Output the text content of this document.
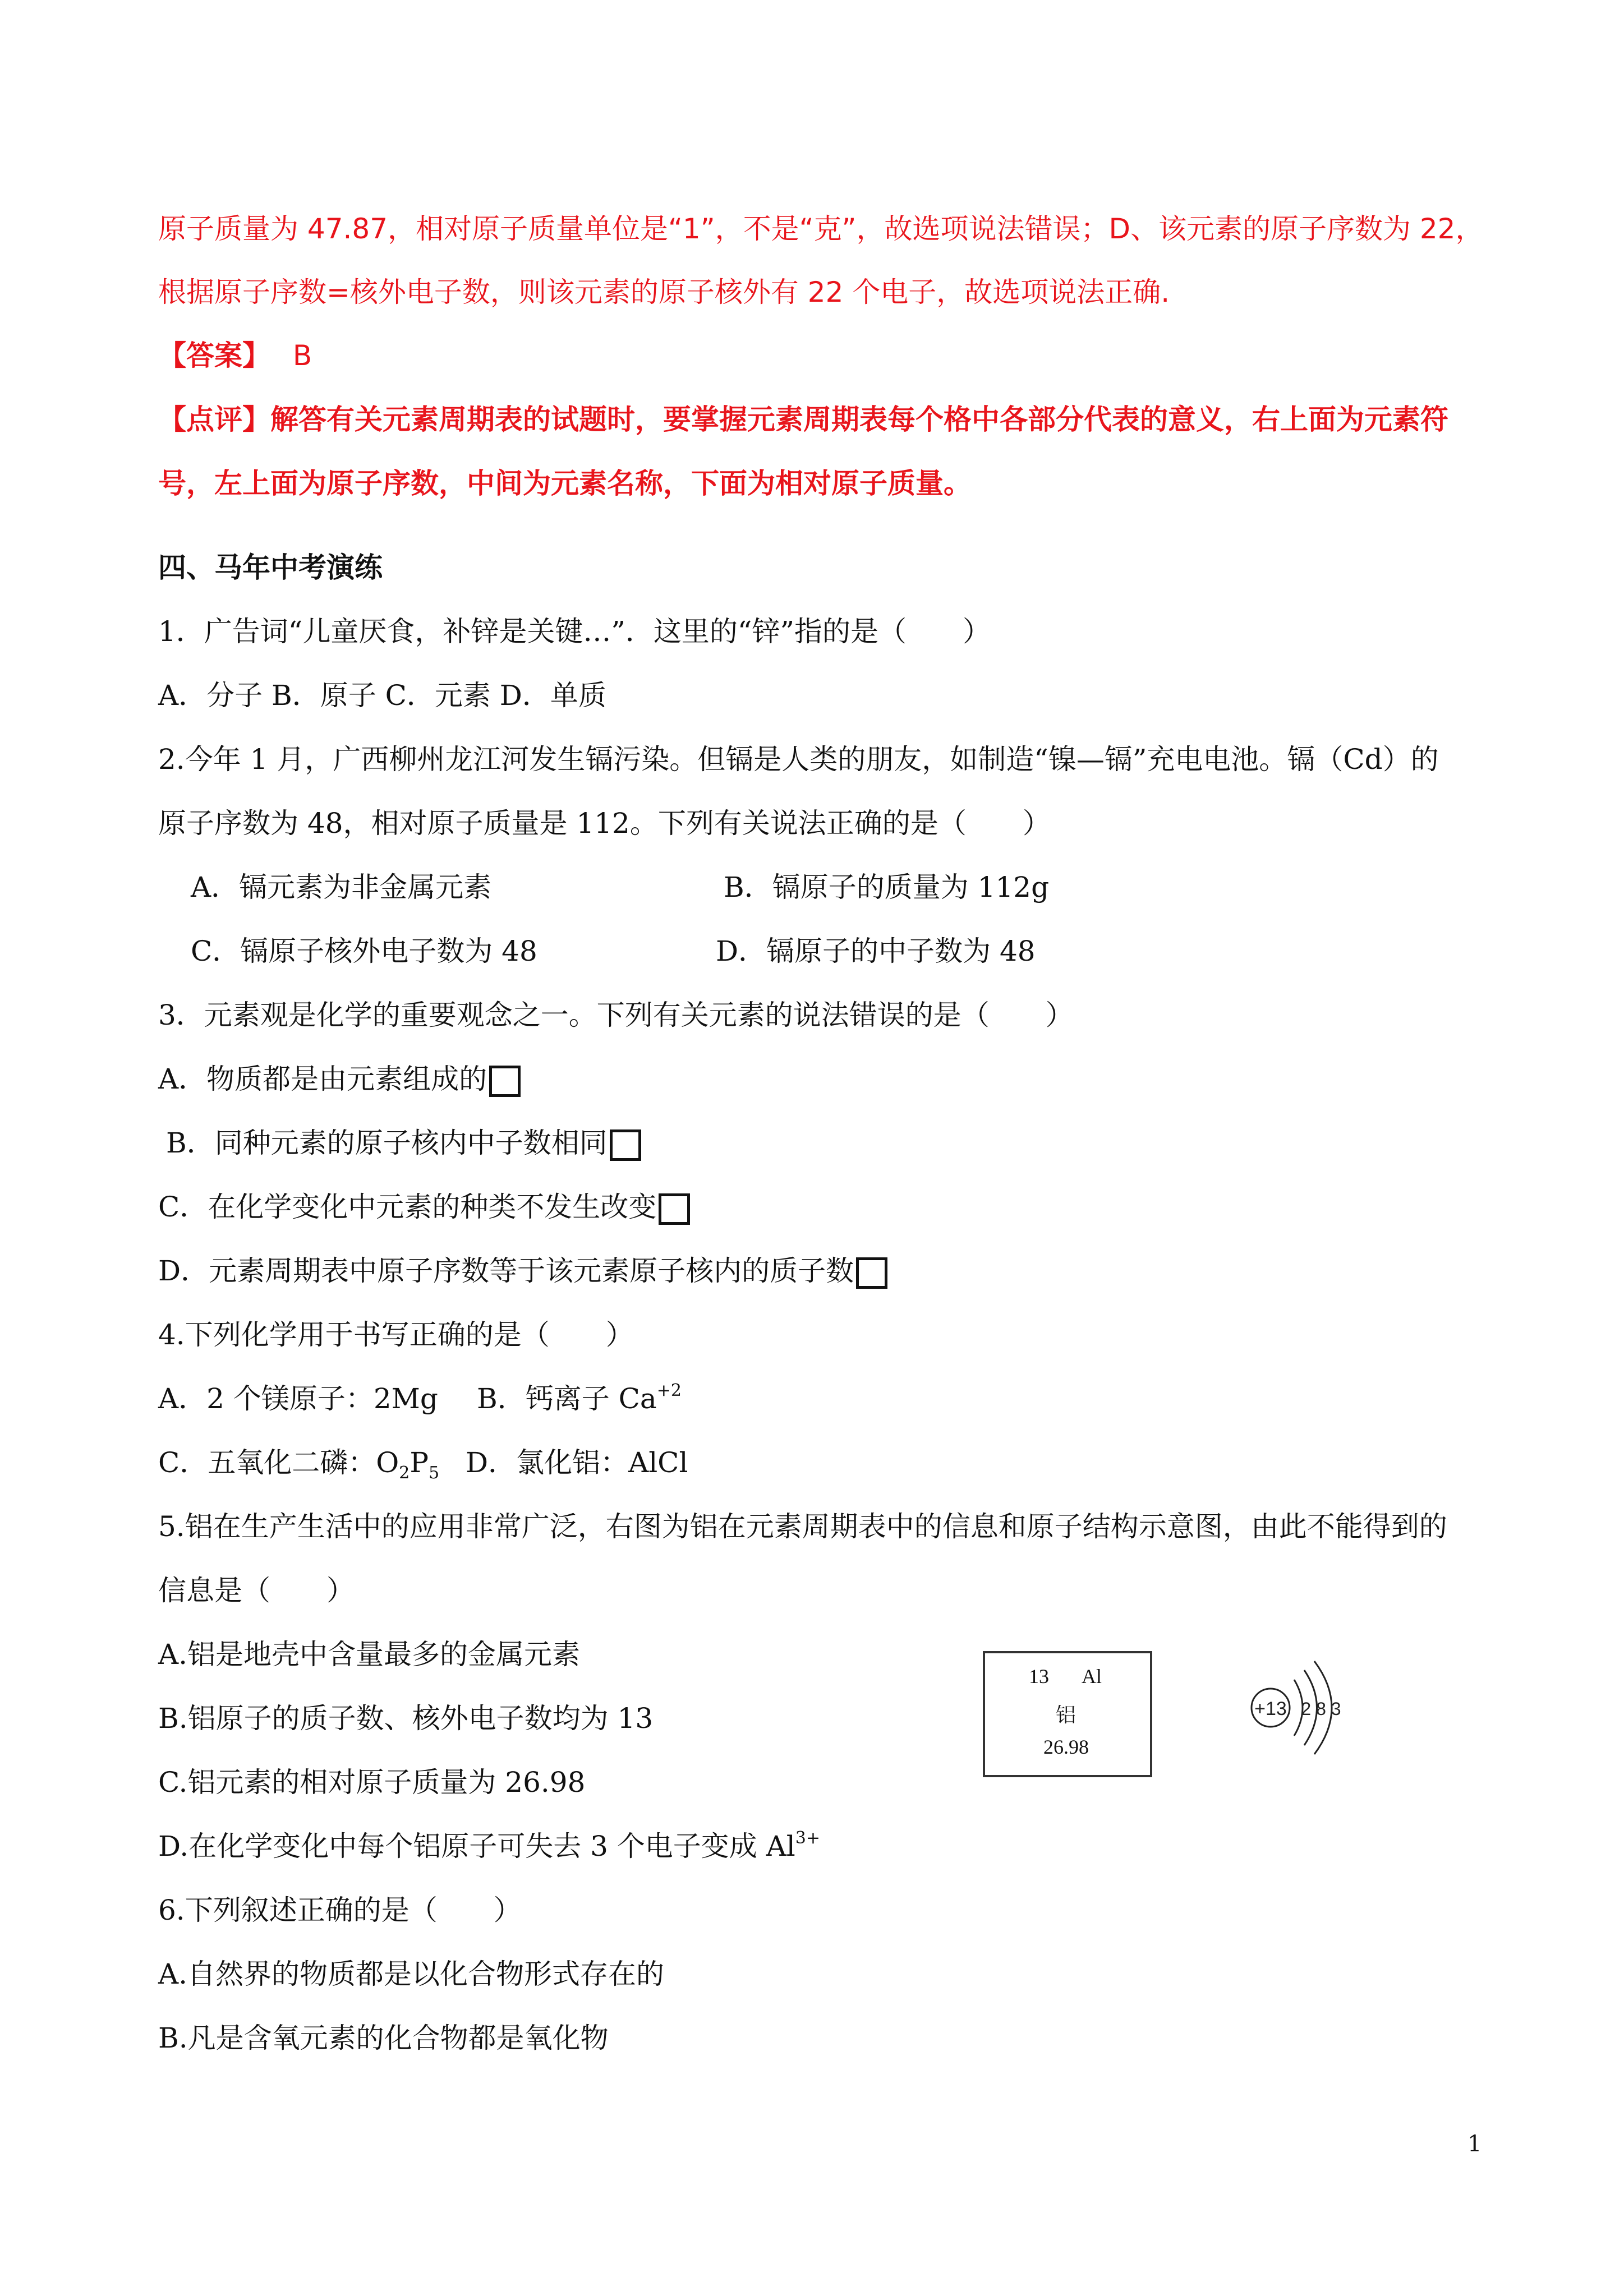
原子质量为 47.87，相对原子质量单位是“1”，不是“克”，故选项说法错误；D、该元素的原子序数为 22，
根据原子序数=核外电子数，则该元素的原子核外有 22 个电子，故选项说法正确.
【答案】 B
【点评】解答有关元素周期表的试题时，要掌握元素周期表每个格中各部分代表的意义，右上面为元素符
号，左上面为原子序数，中间为元素名称，下面为相对原子质量。
四、马年中考演练
1．广告词“儿童厌食，补锌是关键…”．这里的“锌”指的是（　　）
A．分子 B．原子 C．元素 D．单质
2.今年 1 月，广西柳州龙江河发生镉污染。但镉是人类的朋友，如制造“镍—镉”充电电池。镉（Cd）的
原子序数为 48，相对原子质量是 112。下列有关说法正确的是（　　）
A．镉元素为非金属元素	B．镉原子的质量为 112g
C．镉原子核外电子数为 48	D．镉原子的中子数为 48
3．元素观是化学的重要观念之一。下列有关元素的说法错误的是（　　）
A．物质都是由元素组成的
B．同种元素的原子核内中子数相同
C．在化学变化中元素的种类不发生改变
D．元素周期表中原子序数等于该元素原子核内的质子数
4.下列化学用于书写正确的是（　　）
A．2 个镁原子：2Mg B．钙离子 $Ca^{+2}$
C．五氧化二磷：$O_2P_5$ D．氯化铝：AlCl
5.铝在生产生活中的应用非常广泛，右图为铝在元素周期表中的信息和原子结构示意图，由此不能得到的
信息是（　　）
A.铝是地壳中含量最多的金属元素
B.铝原子的质子数、核外电子数均为 13
C.铝元素的相对原子质量为 26.98
D.在化学变化中每个铝原子可失去 3 个电子变成 $Al^{3+}$
13 Al
铝
26.98
+13 2 8 3
6.下列叙述正确的是（　　）
A.自然界的物质都是以化合物形式存在的
B.凡是含氧元素的化合物都是氧化物
1
